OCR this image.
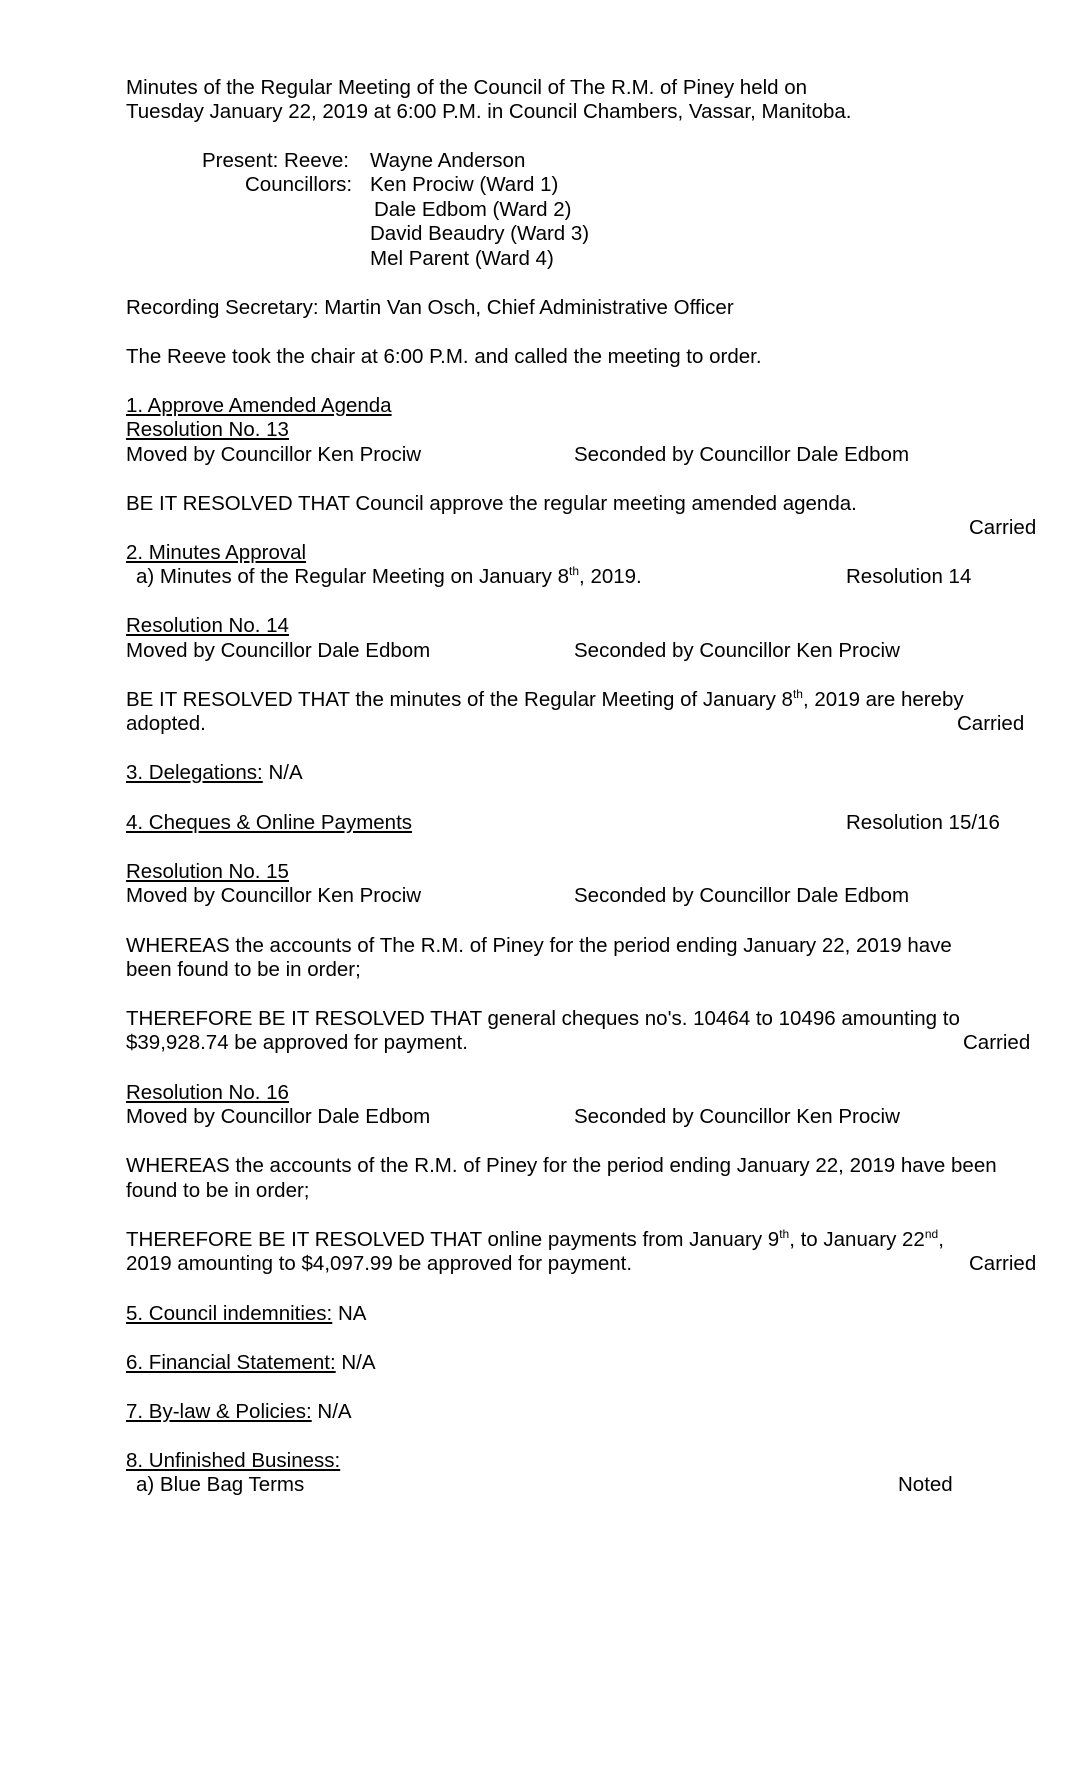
Minutes of the Regular Meeting of the Council of The R.M. of Piney held on
Tuesday January 22, 2019 at 6:00 P.M. in Council Chambers, Vassar, Manitoba.
Present: Reeve: Wayne Anderson
Councillors: Ken Prociw (Ward 1)
Dale Edbom (Ward 2)
David Beaudry (Ward 3)
Mel Parent (Ward 4)
Recording Secretary: Martin Van Osch, Chief Administrative Officer
The Reeve took the chair at 6:00 P.M. and called the meeting to order.
1. Approve Amended Agenda
Resolution No. 13
Moved by Councillor Ken Prociw	Seconded by Councillor Dale Edbom
BE IT RESOLVED THAT Council approve the regular meeting amended agenda.
Carried
2. Minutes Approval
a) Minutes of the Regular Meeting on January 8th, 2019.	Resolution 14
Resolution No. 14
Moved by Councillor Dale Edbom	Seconded by Councillor Ken Prociw
BE IT RESOLVED THAT the minutes of the Regular Meeting of January 8th, 2019 are hereby
adopted.	Carried
3. Delegations: N/A
4. Cheques & Online Payments	Resolution 15/16
Resolution No. 15
Moved by Councillor Ken Prociw	Seconded by Councillor Dale Edbom
WHEREAS the accounts of The R.M. of Piney for the period ending January 22, 2019 have
been found to be in order;
THEREFORE BE IT RESOLVED THAT general cheques no's. 10464 to 10496 amounting to
$39,928.74 be approved for payment.	Carried
Resolution No. 16
Moved by Councillor Dale Edbom	Seconded by Councillor Ken Prociw
WHEREAS the accounts of the R.M. of Piney for the period ending January 22, 2019 have been
found to be in order;
THEREFORE BE IT RESOLVED THAT online payments from January 9th, to January 22nd,
2019 amounting to $4,097.99 be approved for payment.	Carried
5. Council indemnities: NA
6. Financial Statement: N/A
7. By-law & Policies: N/A
8. Unfinished Business:
a) Blue Bag Terms	Noted
